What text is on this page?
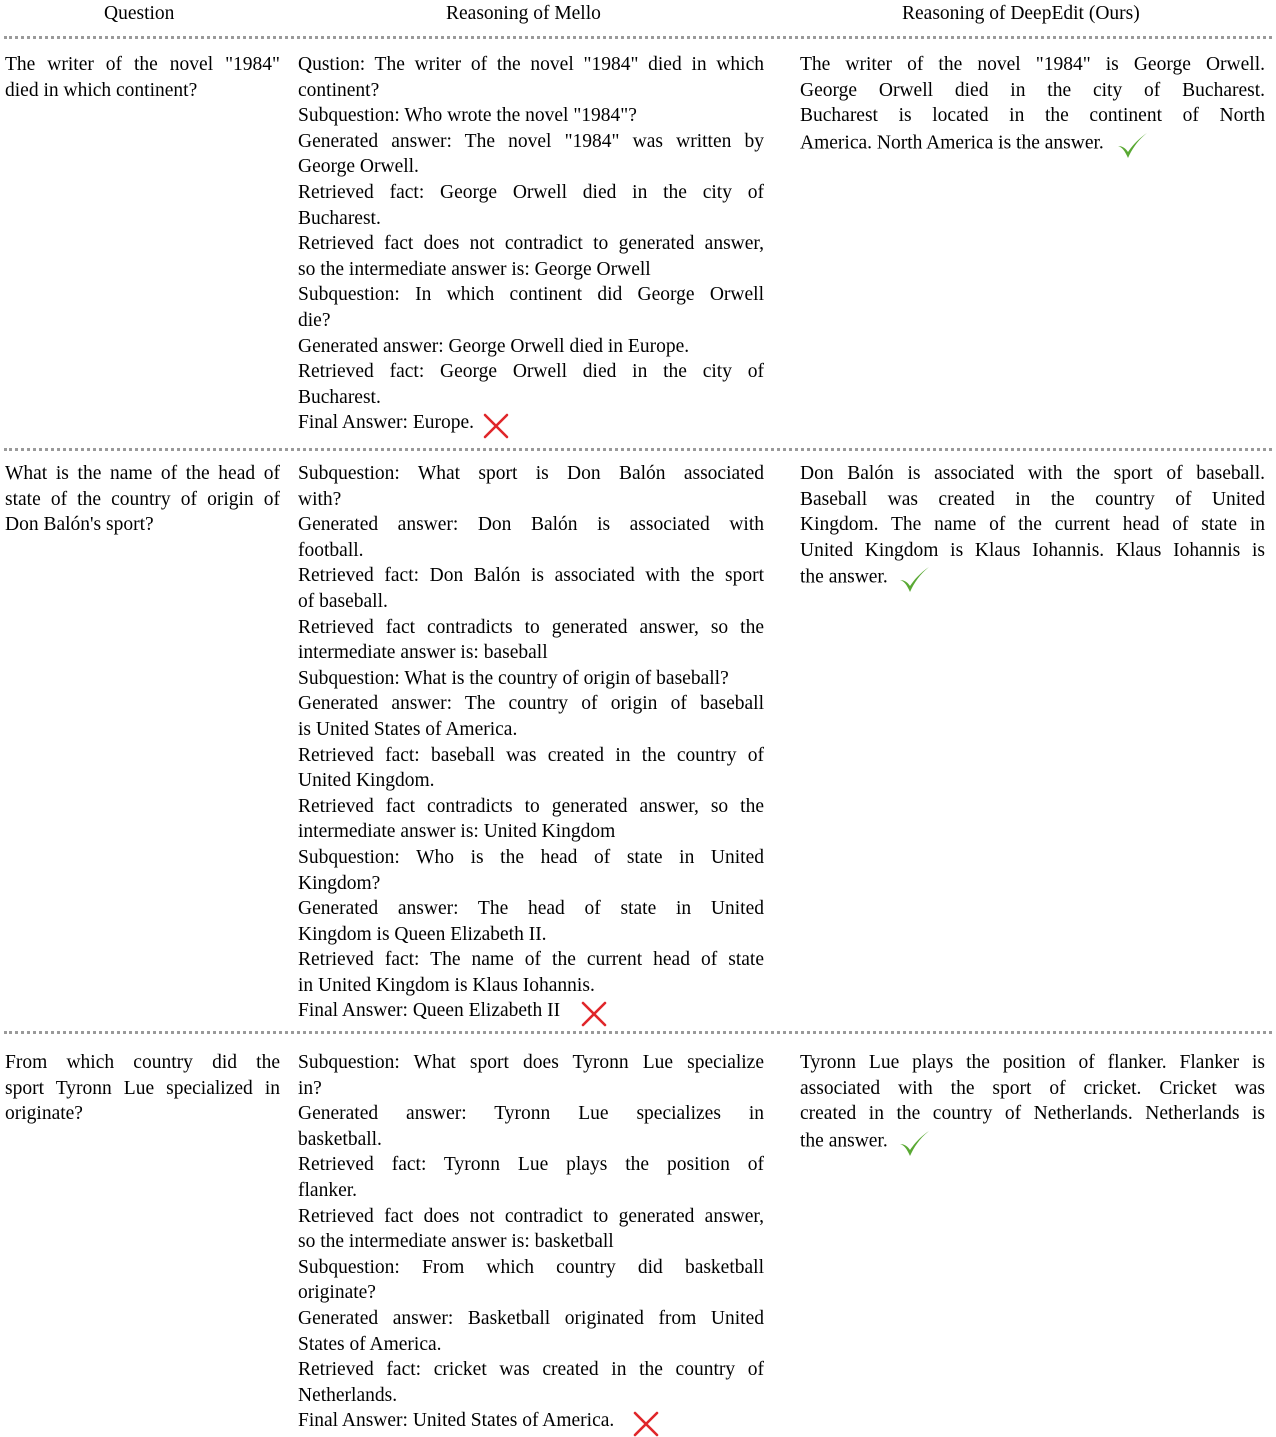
Question	Reasoning of Mello	Reasoning of DeepEdit (Ours)
The writer of the novel "1984"
died in which continent?
Qustion: The writer of the novel "1984" died in which
continent?
Subquestion: Who wrote the novel "1984"?
Generated answer: The novel "1984" was written by
George Orwell.
Retrieved fact: George Orwell died in the city of
Bucharest.
Retrieved fact does not contradict to generated answer,
so the intermediate answer is: George Orwell
Subquestion: In which continent did George Orwell
die?
Generated answer: George Orwell died in Europe.
Retrieved fact: George Orwell died in the city of
Bucharest.
Final Answer: Europe.
The writer of the novel "1984" is George Orwell.
George Orwell died in the city of Bucharest.
Bucharest is located in the continent of North
America. North America is the answer.
What is the name of the head of
state of the country of origin of
Don Balón's sport?
Subquestion: What sport is Don Balón associated
with?
Generated answer: Don Balón is associated with
football.
Retrieved fact: Don Balón is associated with the sport
of baseball.
Retrieved fact contradicts to generated answer, so the
intermediate answer is: baseball
Subquestion: What is the country of origin of baseball?
Generated answer: The country of origin of baseball
is United States of America.
Retrieved fact: baseball was created in the country of
United Kingdom.
Retrieved fact contradicts to generated answer, so the
intermediate answer is: United Kingdom
Subquestion: Who is the head of state in United
Kingdom?
Generated answer: The head of state in United
Kingdom is Queen Elizabeth II.
Retrieved fact: The name of the current head of state
in United Kingdom is Klaus Iohannis.
Final Answer: Queen Elizabeth II
Don Balón is associated with the sport of baseball.
Baseball was created in the country of United
Kingdom. The name of the current head of state in
United Kingdom is Klaus Iohannis. Klaus Iohannis is
the answer.
From which country did the
sport Tyronn Lue specialized in
originate?
Subquestion: What sport does Tyronn Lue specialize
in?
Generated answer: Tyronn Lue specializes in
basketball.
Retrieved fact: Tyronn Lue plays the position of
flanker.
Retrieved fact does not contradict to generated answer,
so the intermediate answer is: basketball
Subquestion: From which country did basketball
originate?
Generated answer: Basketball originated from United
States of America.
Retrieved fact: cricket was created in the country of
Netherlands.
Final Answer: United States of America.
Tyronn Lue plays the position of flanker. Flanker is
associated with the sport of cricket. Cricket was
created in the country of Netherlands. Netherlands is
the answer.
